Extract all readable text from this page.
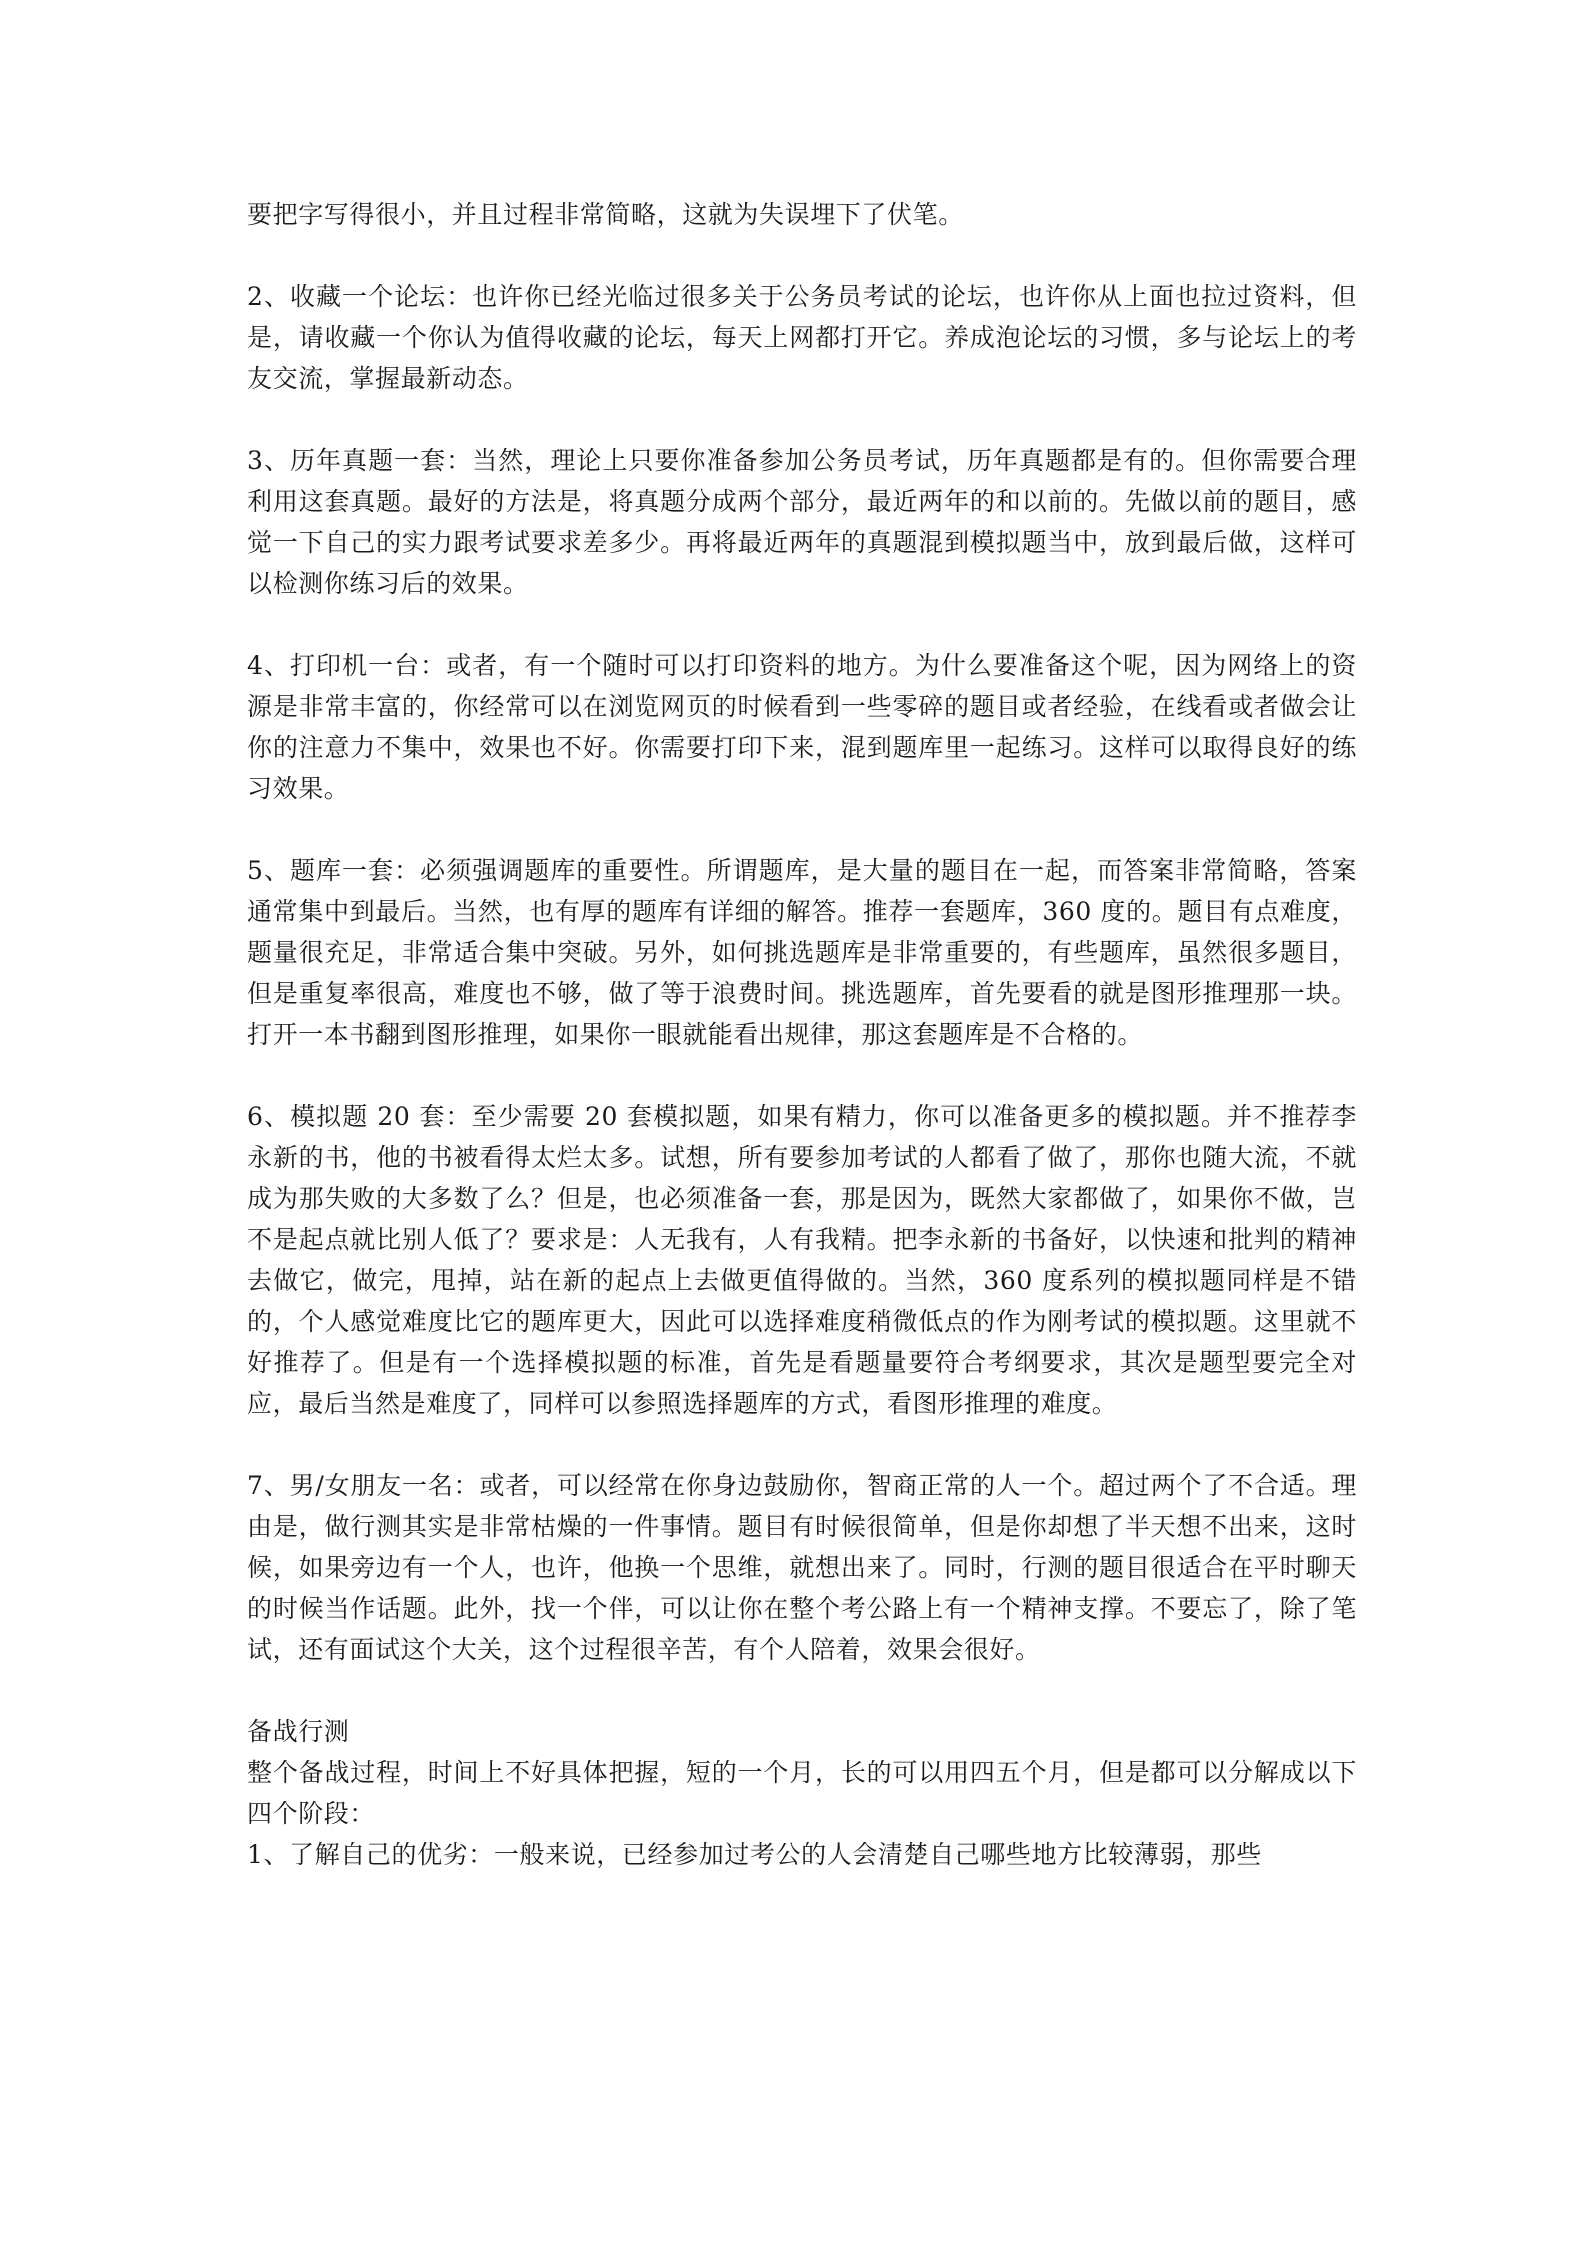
要把字写得很小，并且过程非常简略，这就为失误埋下了伏笔。

2、收藏一个论坛：也许你已经光临过很多关于公务员考试的论坛，也许你从上面也拉过资料，但是，请收藏一个你认为值得收藏的论坛，每天上网都打开它。养成泡论坛的习惯，多与论坛上的考友交流，掌握最新动态。

3、历年真题一套：当然，理论上只要你准备参加公务员考试，历年真题都是有的。但你需要合理利用这套真题。最好的方法是，将真题分成两个部分，最近两年的和以前的。先做以前的题目，感觉一下自己的实力跟考试要求差多少。再将最近两年的真题混到模拟题当中，放到最后做，这样可以检测你练习后的效果。

4、打印机一台：或者，有一个随时可以打印资料的地方。为什么要准备这个呢，因为网络上的资源是非常丰富的，你经常可以在浏览网页的时候看到一些零碎的题目或者经验，在线看或者做会让你的注意力不集中，效果也不好。你需要打印下来，混到题库里一起练习。这样可以取得良好的练习效果。

5、题库一套：必须强调题库的重要性。所谓题库，是大量的题目在一起，而答案非常简略，答案通常集中到最后。当然，也有厚的题库有详细的解答。推荐一套题库，360 度的。题目有点难度，题量很充足，非常适合集中突破。另外，如何挑选题库是非常重要的，有些题库，虽然很多题目，但是重复率很高，难度也不够，做了等于浪费时间。挑选题库，首先要看的就是图形推理那一块。打开一本书翻到图形推理，如果你一眼就能看出规律，那这套题库是不合格的。

6、模拟题 20 套：至少需要 20 套模拟题，如果有精力，你可以准备更多的模拟题。并不推荐李永新的书，他的书被看得太烂太多。试想，所有要参加考试的人都看了做了，那你也随大流，不就成为那失败的大多数了么？但是，也必须准备一套，那是因为，既然大家都做了，如果你不做，岂不是起点就比别人低了？要求是：人无我有，人有我精。把李永新的书备好，以快速和批判的精神去做它，做完，甩掉，站在新的起点上去做更值得做的。当然，360 度系列的模拟题同样是不错的，个人感觉难度比它的题库更大，因此可以选择难度稍微低点的作为刚考试的模拟题。这里就不好推荐了。但是有一个选择模拟题的标准，首先是看题量要符合考纲要求，其次是题型要完全对应，最后当然是难度了，同样可以参照选择题库的方式，看图形推理的难度。

7、男/女朋友一名：或者，可以经常在你身边鼓励你，智商正常的人一个。超过两个了不合适。理由是，做行测其实是非常枯燥的一件事情。题目有时候很简单，但是你却想了半天想不出来，这时候，如果旁边有一个人，也许，他换一个思维，就想出来了。同时，行测的题目很适合在平时聊天的时候当作话题。此外，找一个伴，可以让你在整个考公路上有一个精神支撑。不要忘了，除了笔试，还有面试这个大关，这个过程很辛苦，有个人陪着，效果会很好。

备战行测

整个备战过程，时间上不好具体把握，短的一个月，长的可以用四五个月，但是都可以分解成以下四个阶段：

1、了解自己的优劣：一般来说，已经参加过考公的人会清楚自己哪些地方比较薄弱，那些
